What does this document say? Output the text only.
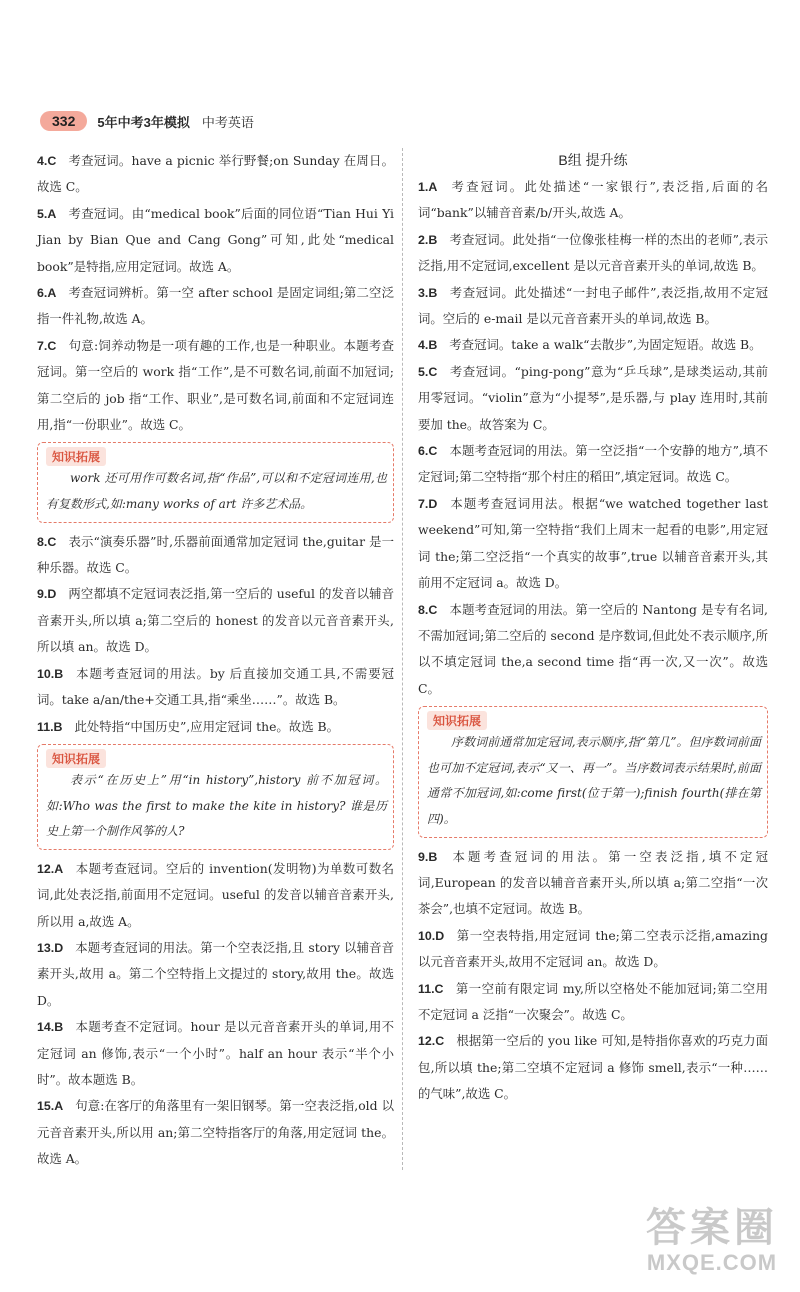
332	5年中考3年模拟 中考英语

4.C 考查冠词。have a picnic 举行野餐;on Sunday 在周日。故选 C。

5.A 考查冠词。由“medical book”后面的同位语“Tian Hui Yi Jian by Bian Que and Cang Gong”可知,此处“medical book”是特指,应用定冠词。故选 A。

6.A 考查冠词辨析。第一空 after school 是固定词组;第二空泛指一件礼物,故选 A。

7.C 句意:饲养动物是一项有趣的工作,也是一种职业。本题考查冠词。第一空后的 work 指“工作”,是不可数名词,前面不加冠词;第二空后的 job 指“工作、职业”,是可数名词,前面和不定冠词连用,指“一份职业”。故选 C。

知识拓展
work 还可用作可数名词,指“作品”,可以和不定冠词连用,也有复数形式,如:many works of art 许多艺术品。

8.C 表示“演奏乐器”时,乐器前面通常加定冠词 the,guitar 是一种乐器。故选 C。

9.D 两空都填不定冠词表泛指,第一空后的 useful 的发音以辅音音素开头,所以填 a;第二空后的 honest 的发音以元音音素开头,所以填 an。故选 D。

10.B 本题考查冠词的用法。by 后直接加交通工具,不需要冠词。take a/an/the+交通工具,指“乘坐……”。故选 B。

11.B 此处特指“中国历史”,应用定冠词 the。故选 B。

知识拓展
表示“在历史上”用“in history”,history 前不加冠词。如:Who was the first to make the kite in history? 谁是历史上第一个制作风筝的人?

12.A 本题考查冠词。空后的 invention(发明物)为单数可数名词,此处表泛指,前面用不定冠词。useful 的发音以辅音音素开头,所以用 a,故选 A。

13.D 本题考查冠词的用法。第一个空表泛指,且 story 以辅音音素开头,故用 a。第二个空特指上文提过的 story,故用 the。故选 D。

14.B 本题考查不定冠词。hour 是以元音音素开头的单词,用不定冠词 an 修饰,表示“一个小时”。half an hour 表示“半个小时”。故本题选 B。

15.A 句意:在客厅的角落里有一架旧钢琴。第一空表泛指,old 以元音音素开头,所以用 an;第二空特指客厅的角落,用定冠词 the。故选 A。

B组 提升练

1.A 考查冠词。此处描述“一家银行”,表泛指,后面的名词“bank”以辅音音素/b/开头,故选 A。

2.B 考查冠词。此处指“一位像张桂梅一样的杰出的老师”,表示泛指,用不定冠词,excellent 是以元音音素开头的单词,故选 B。

3.B 考查冠词。此处描述“一封电子邮件”,表泛指,故用不定冠词。空后的 e-mail 是以元音音素开头的单词,故选 B。

4.B 考查冠词。take a walk“去散步”,为固定短语。故选 B。

5.C 考查冠词。“ping-pong”意为“乒乓球”,是球类运动,其前用零冠词。“violin”意为“小提琴”,是乐器,与 play 连用时,其前要加 the。故答案为 C。

6.C 本题考查冠词的用法。第一空泛指“一个安静的地方”,填不定冠词;第二空特指“那个村庄的稻田”,填定冠词。故选 C。

7.D 本题考查冠词用法。根据“we watched together last weekend”可知,第一空特指“我们上周末一起看的电影”,用定冠词 the;第二空泛指“一个真实的故事”,true 以辅音音素开头,其前用不定冠词 a。故选 D。

8.C 本题考查冠词的用法。第一空后的 Nantong 是专有名词,不需加冠词;第二空后的 second 是序数词,但此处不表示顺序,所以不填定冠词 the,a second time 指“再一次,又一次”。故选 C。

知识拓展
序数词前通常加定冠词,表示顺序,指“第几”。但序数词前面也可加不定冠词,表示“又一、再一”。当序数词表示结果时,前面通常不加冠词,如:come first(位于第一);finish fourth(排在第四)。

9.B 本题考查冠词的用法。第一空表泛指,填不定冠词,European 的发音以辅音音素开头,所以填 a;第二空指“一次茶会”,也填不定冠词。故选 B。

10.D 第一空表特指,用定冠词 the;第二空表示泛指,amazing 以元音音素开头,故用不定冠词 an。故选 D。

11.C 第一空前有限定词 my,所以空格处不能加冠词;第二空用不定冠词 a 泛指“一次聚会”。故选 C。

12.C 根据第一空后的 you like 可知,是特指你喜欢的巧克力面包,所以填 the;第二空填不定冠词 a 修饰 smell,表示“一种……的气味”,故选 C。

答案圈
MXQE.COM
